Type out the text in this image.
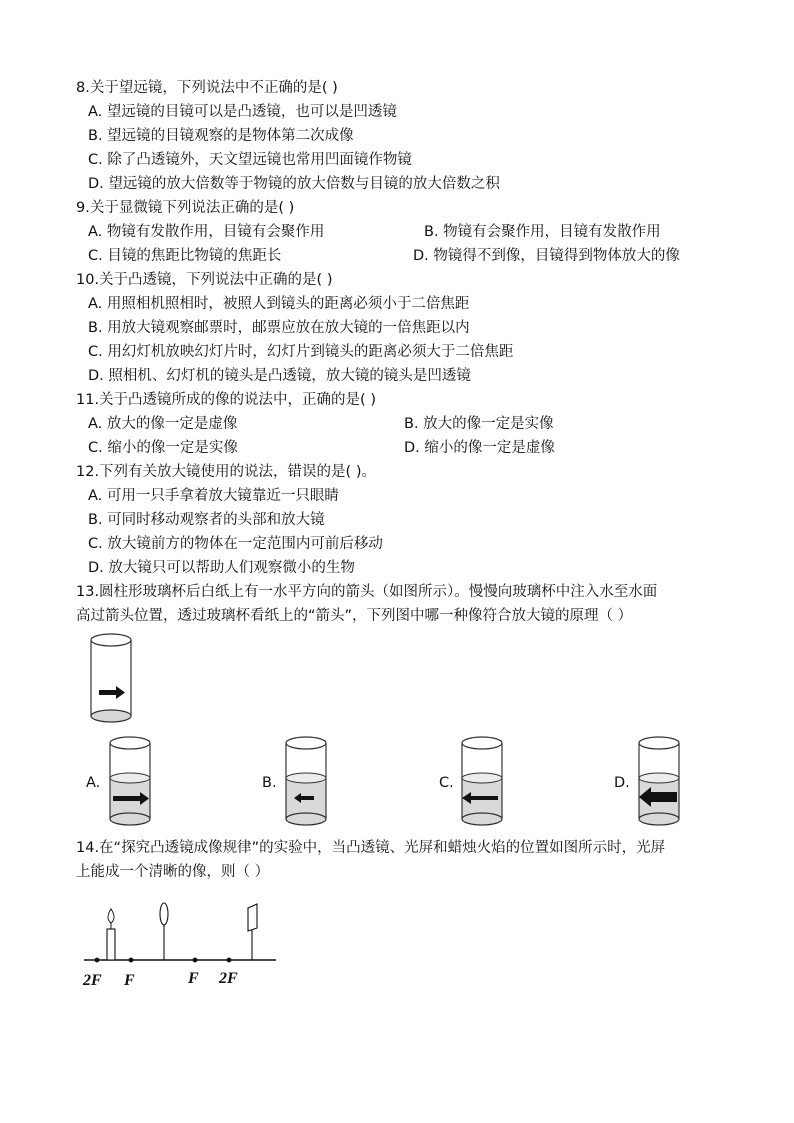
8.关于望远镜，下列说法中不正确的是( )
A. 望远镜的目镜可以是凸透镜，也可以是凹透镜
B. 望远镜的目镜观察的是物体第二次成像
C. 除了凸透镜外，天文望远镜也常用凹面镜作物镜
D. 望远镜的放大倍数等于物镜的放大倍数与目镜的放大倍数之积
9.关于显微镜下列说法正确的是( )
A. 物镜有发散作用，目镜有会聚作用	B. 物镜有会聚作用，目镜有发散作用
C. 目镜的焦距比物镜的焦距长	D. 物镜得不到像，目镜得到物体放大的像
10.关于凸透镜，下列说法中正确的是( )
A. 用照相机照相时，被照人到镜头的距离必须小于二倍焦距
B. 用放大镜观察邮票时，邮票应放在放大镜的一倍焦距以内
C. 用幻灯机放映幻灯片时，幻灯片到镜头的距离必须大于二倍焦距
D. 照相机、幻灯机的镜头是凸透镜，放大镜的镜头是凹透镜
11.关于凸透镜所成的像的说法中，正确的是( )
A. 放大的像一定是虚像	B. 放大的像一定是实像
C. 缩小的像一定是实像	D. 缩小的像一定是虚像
12.下列有关放大镜使用的说法，错误的是( )。
A. 可用一只手拿着放大镜靠近一只眼睛
B. 可同时移动观察者的头部和放大镜
C. 放大镜前方的物体在一定范围内可前后移动
D. 放大镜只可以帮助人们观察微小的生物
13.圆柱形玻璃杯后白纸上有一水平方向的箭头（如图所示）。慢慢向玻璃杯中注入水至水面
高过箭头位置，透过玻璃杯看纸上的“箭头”，下列图中哪一种像符合放大镜的原理（ ）
A.	B.	C.	D.
14.在“探究凸透镜成像规律”的实验中，当凸透镜、光屏和蜡烛火焰的位置如图所示时，光屏
上能成一个清晰的像，则（ ）
2F F	F 2F
